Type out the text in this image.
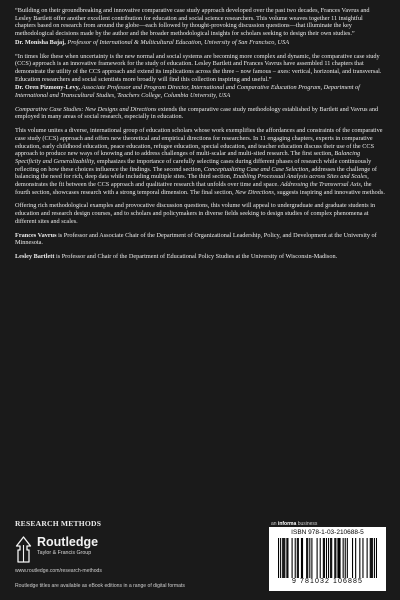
“Building on their groundbreaking and innovative comparative case study approach developed over the past two decades, Frances Vavrus and Lesley Bartlett offer another excellent contribution for education and social science researchers. This volume weaves together 11 insightful chapters based on research from around the globe—each followed by thought-provoking discussion questions—that illuminate the key methodological decisions made by the author and the broader methodological insights for scholars seeking to design their own studies.”

Dr. Monisha Bajaj, Professor of International & Multicultural Education, University of San Francisco, USA

“In times like these when uncertainty is the new normal and social systems are becoming more complex and dynamic, the comparative case study (CCS) approach is an innovative framework for the study of education. Lesley Bartlett and Frances Vavrus have assembled 11 chapters that demonstrate the utility of the CCS approach and extend its implications across the three – now famous – axes: vertical, horizontal, and transversal. Education researchers and social scientists more broadly will find this collection inspiring and useful.”

Dr. Oren Pizmony-Levy, Associate Professor and Program Director, International and Comparative Education Program, Department of International and Transcultural Studies, Teachers College, Columbia University, USA

Comparative Case Studies: New Designs and Directions extends the comparative case study methodology established by Bartlett and Vavrus and employed in many areas of social research, especially in education.

This volume unites a diverse, international group of education scholars whose work exemplifies the affordances and constraints of the comparative case study (CCS) approach and offers new theoretical and empirical directions for researchers. In 11 engaging chapters, experts in comparative education, early childhood education, peace education, refugee education, special education, and teacher education discuss their use of the CCS approach to produce new ways of knowing and to address challenges of multi-scalar and multi-sited research. The first section, Balancing Specificity and Generalizability, emphasizes the importance of carefully selecting cases during different phases of research while continuously reflecting on how these choices influence the findings. The second section, Conceptualizing Case and Case Selection, addresses the challenge of balancing the need for rich, deep data while including multiple sites. The third section, Enabling Processual Analysis across Sites and Scales, demonstrates the fit between the CCS approach and qualitative research that unfolds over time and space. Addressing the Transversal Axis, the fourth section, showcases research with a strong temporal dimension. The final section, New Directions, suggests inspiring and innovative methods.

Offering rich methodological examples and provocative discussion questions, this volume will appeal to undergraduate and graduate students in education and research design courses, and to scholars and policymakers in diverse fields seeking to design studies of complex phenomena at different sites and scales.

Frances Vavrus is Professor and Associate Chair of the Department of Organizational Leadership, Policy, and Development at the University of Minnesota.

Lesley Bartlett is Professor and Chair of the Department of Educational Policy Studies at the University of Wisconsin-Madison.

RESEARCH METHODS
Routledge
Taylor & Francis Group
www.routledge.com/research-methods
Routledge titles are available as eBook editions in a range of digital formats
an informa business
ISBN 978-1-03-210688-5
9 781032 106885
